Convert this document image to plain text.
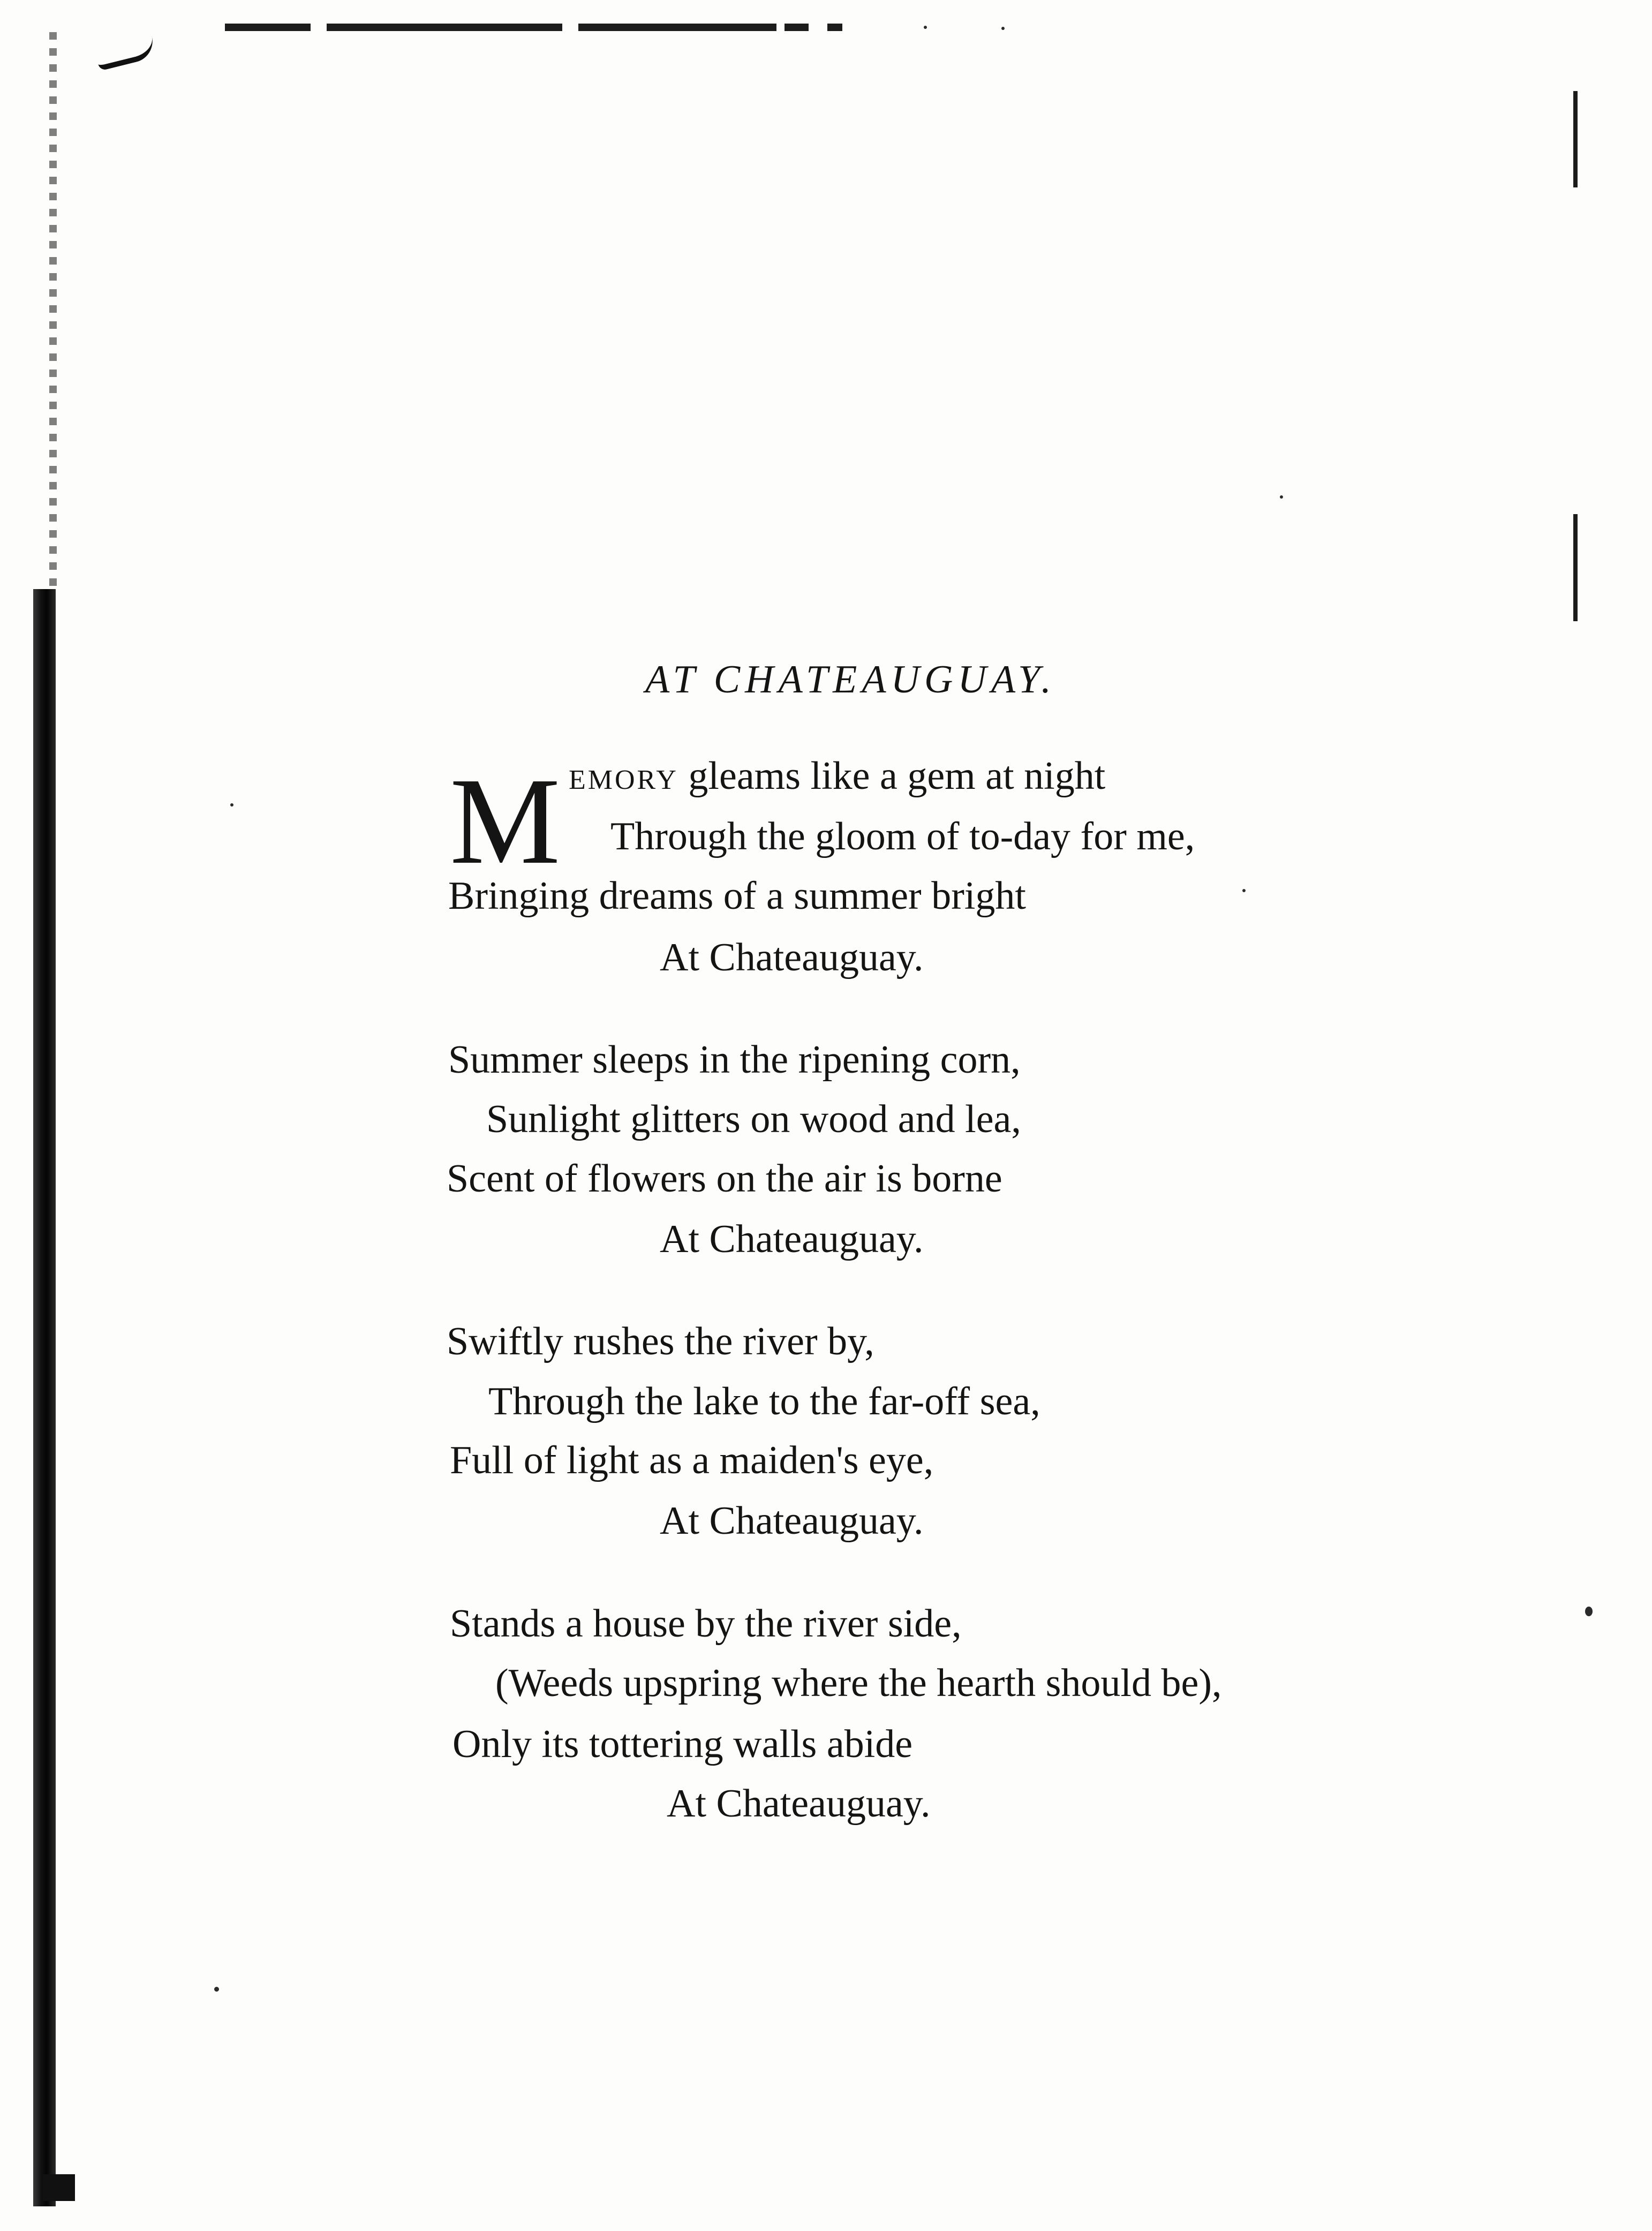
AT CHATEAUGUAY.
M EMORY gleams like a gem at night
Through the gloom of to-day for me,
Bringing dreams of a summer bright
At Chateauguay.
Summer sleeps in the ripening corn,
Sunlight glitters on wood and lea,
Scent of flowers on the air is borne
At Chateauguay.
Swiftly rushes the river by,
Through the lake to the far-off sea,
Full of light as a maiden's eye,
At Chateauguay.
Stands a house by the river side,
(Weeds upspring where the hearth should be),
Only its tottering walls abide
At Chateauguay.
